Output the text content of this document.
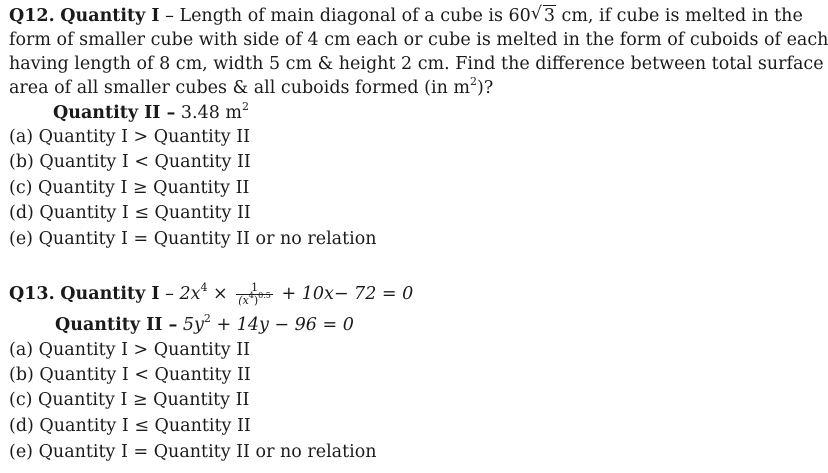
Q12. Quantity I – Length of main diagonal of a cube is 60 √ 3 cm, if cube is melted in the
form of smaller cube with side of 4 cm each or cube is melted in the form of cuboids of each
having length of 8 cm, width 5 cm & height 2 cm. Find the difference between total surface
area of all smaller cubes & all cuboids formed (in $m^2$)?
Quantity II – 3.48 $m^2$
(a) Quantity I > Quantity II
(b) Quantity I < Quantity II
(c) Quantity I ≥ Quantity II
(d) Quantity I ≤ Quantity II
(e) Quantity I = Quantity II or no relation
Q13. Quantity $I - 2x^4 \times \frac{1}{(x^4)^{0.5}} + 10x- 72 = 0$
Quantity II – $5y^2 + 14y - 96 = 0$
(a) Quantity I > Quantity II
(b) Quantity I < Quantity II
(c) Quantity I ≥ Quantity II
(d) Quantity I ≤ Quantity II
(e) Quantity I = Quantity II or no relation
